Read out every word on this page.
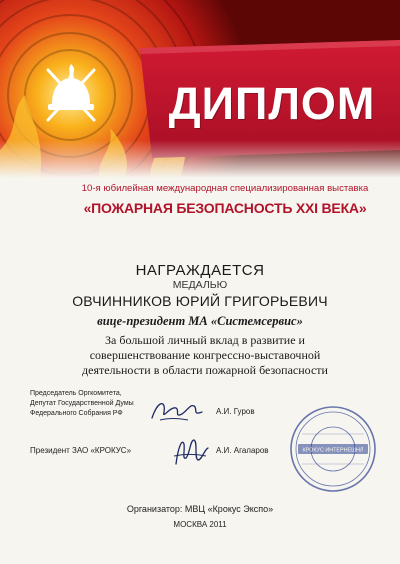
ДИПЛОМ
10-я юбилейная международная специализированная выставка
«ПОЖАРНАЯ БЕЗОПАСНОСТЬ XXI ВЕКА»
НАГРАЖДАЕТСЯ
МЕДАЛЬЮ
ОВЧИННИКОВ ЮРИЙ ГРИГОРЬЕВИЧ
вице-президент МА «Системсервис»
За большой личный вклад в развитие и
совершенствование конгрессно-выставочной
деятельности в области пожарной безопасности
Председатель Оргкомитета,
Депутат Государственной Думы
Федерального Собрания РФ	А.И. Гуров
Президент ЗАО «КРОКУС»	А.И. Агаларов	КРОКУС ИНТЕРНЕШНЛ
Организатор: МВЦ «Крокус Экспо»
МОСКВА 2011
